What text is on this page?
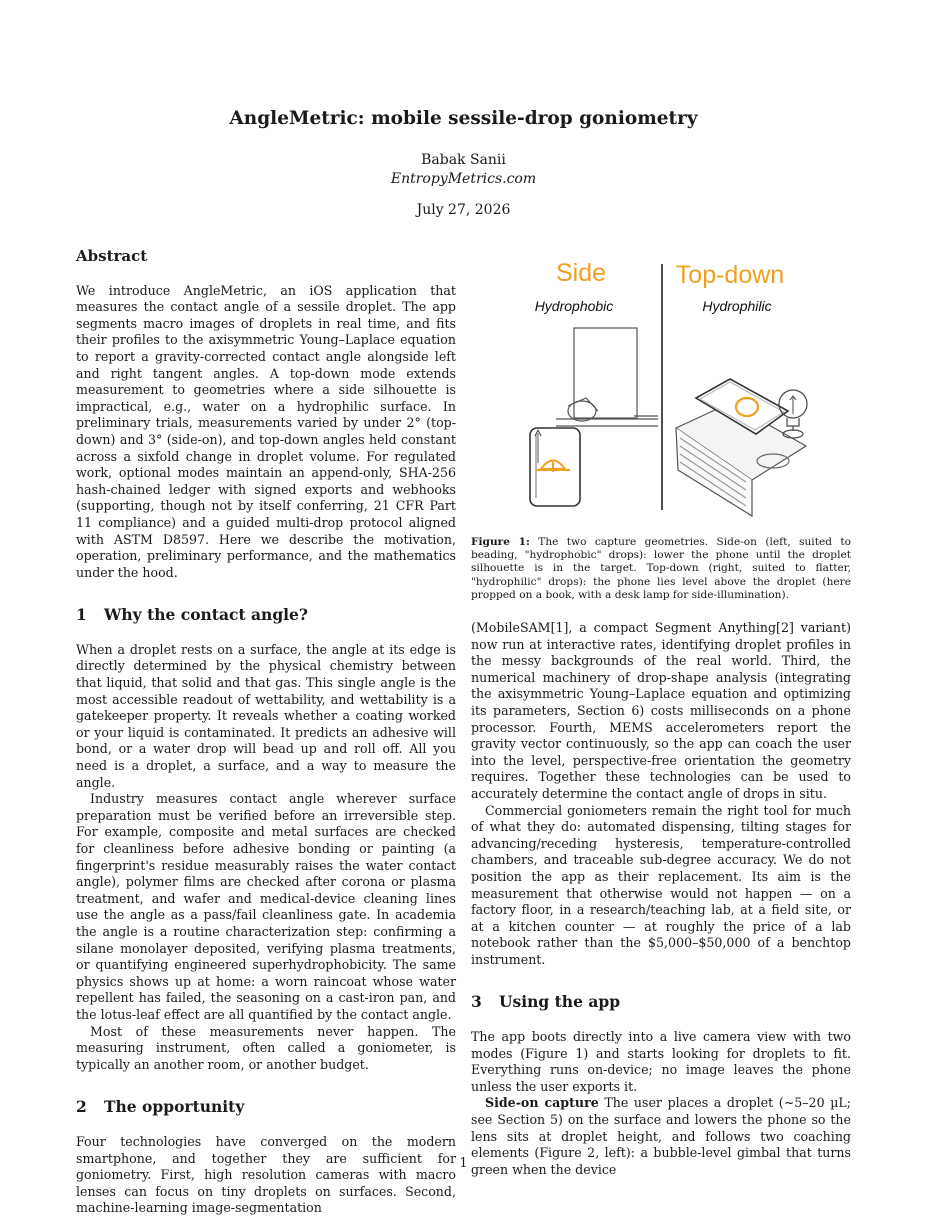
AngleMetric: mobile sessile-drop goniometry
Babak Sanii
EntropyMetrics.com
July 27, 2026
Abstract

We introduce AngleMetric, an iOS application that measures the contact angle of a sessile droplet. The app segments macro images of droplets in real time, and fits their profiles to the axisymmetric Young–Laplace equation to report a gravity-corrected contact angle alongside left and right tangent angles. A top-down mode extends measurement to geometries where a side silhouette is impractical, e.g., water on a hydrophilic surface. In preliminary trials, measurements varied by under 2° (top-down) and 3° (side-on), and top-down angles held constant across a sixfold change in droplet volume. For regulated work, optional modes maintain an append-only, SHA-256 hash-chained ledger with signed exports and webhooks (supporting, though not by itself conferring, 21 CFR Part 11 compliance) and a guided multi-drop protocol aligned with ASTM D8597. Here we describe the motivation, operation, preliminary performance, and the mathematics under the hood.

1 Why the contact angle?

When a droplet rests on a surface, the angle at its edge is directly determined by the physical chemistry between that liquid, that solid and that gas. This single angle is the most accessible readout of wettability, and wettability is a gatekeeper property. It reveals whether a coating worked or your liquid is contaminated. It predicts an adhesive will bond, or a water drop will bead up and roll off. All you need is a droplet, a surface, and a way to measure the angle.

Industry measures contact angle wherever surface preparation must be verified before an irreversible step. For example, composite and metal surfaces are checked for cleanliness before adhesive bonding or painting (a fingerprint's residue measurably raises the water contact angle), polymer films are checked after corona or plasma treatment, and wafer and medical-device cleaning lines use the angle as a pass/fail cleanliness gate. In academia the angle is a routine characterization step: confirming a silane monolayer deposited, verifying plasma treatments, or quantifying engineered superhydrophobicity. The same physics shows up at home: a worn raincoat whose water repellent has failed, the seasoning on a cast-iron pan, and the lotus-leaf effect are all quantified by the contact angle.

Most of these measurements never happen. The measuring instrument, often called a goniometer, is typically an another room, or another budget.

2 The opportunity

Four technologies have converged on the modern smartphone, and together they are sufficient for goniometry. First, high resolution cameras with macro lenses can focus on tiny droplets on surfaces. Second, machine-learning image-segmentation

Side	Top-down
Hydrophobic	Hydrophilic
Figure 1: The two capture geometries. Side-on (left, suited to beading, "hydrophobic" drops): lower the phone until the droplet silhouette is in the target. Top-down (right, suited to flatter, "hydrophilic" drops): the phone lies level above the droplet (here propped on a book, with a desk lamp for side-illumination).

(MobileSAM[1], a compact Segment Anything[2] variant) now run at interactive rates, identifying droplet profiles in the messy backgrounds of the real world. Third, the numerical machinery of drop-shape analysis (integrating the axisymmetric Young–Laplace equation and optimizing its parameters, Section 6) costs milliseconds on a phone processor. Fourth, MEMS accelerometers report the gravity vector continuously, so the app can coach the user into the level, perspective-free orientation the geometry requires. Together these technologies can be used to accurately determine the contact angle of drops in situ.

Commercial goniometers remain the right tool for much of what they do: automated dispensing, tilting stages for advancing/receding hysteresis, temperature-controlled chambers, and traceable sub-degree accuracy. We do not position the app as their replacement. Its aim is the measurement that otherwise would not happen — on a factory floor, in a research/teaching lab, at a field site, or at a kitchen counter — at roughly the price of a lab notebook rather than the $5,000–$50,000 of a benchtop instrument.

3 Using the app

The app boots directly into a live camera view with two modes (Figure 1) and starts looking for droplets to fit. Everything runs on-device; no image leaves the phone unless the user exports it.

Side-on capture The user places a droplet (~5–20 µL; see Section 5) on the surface and lowers the phone so the lens sits at droplet height, and follows two coaching elements (Figure 2, left): a bubble-level gimbal that turns green when the device

1
